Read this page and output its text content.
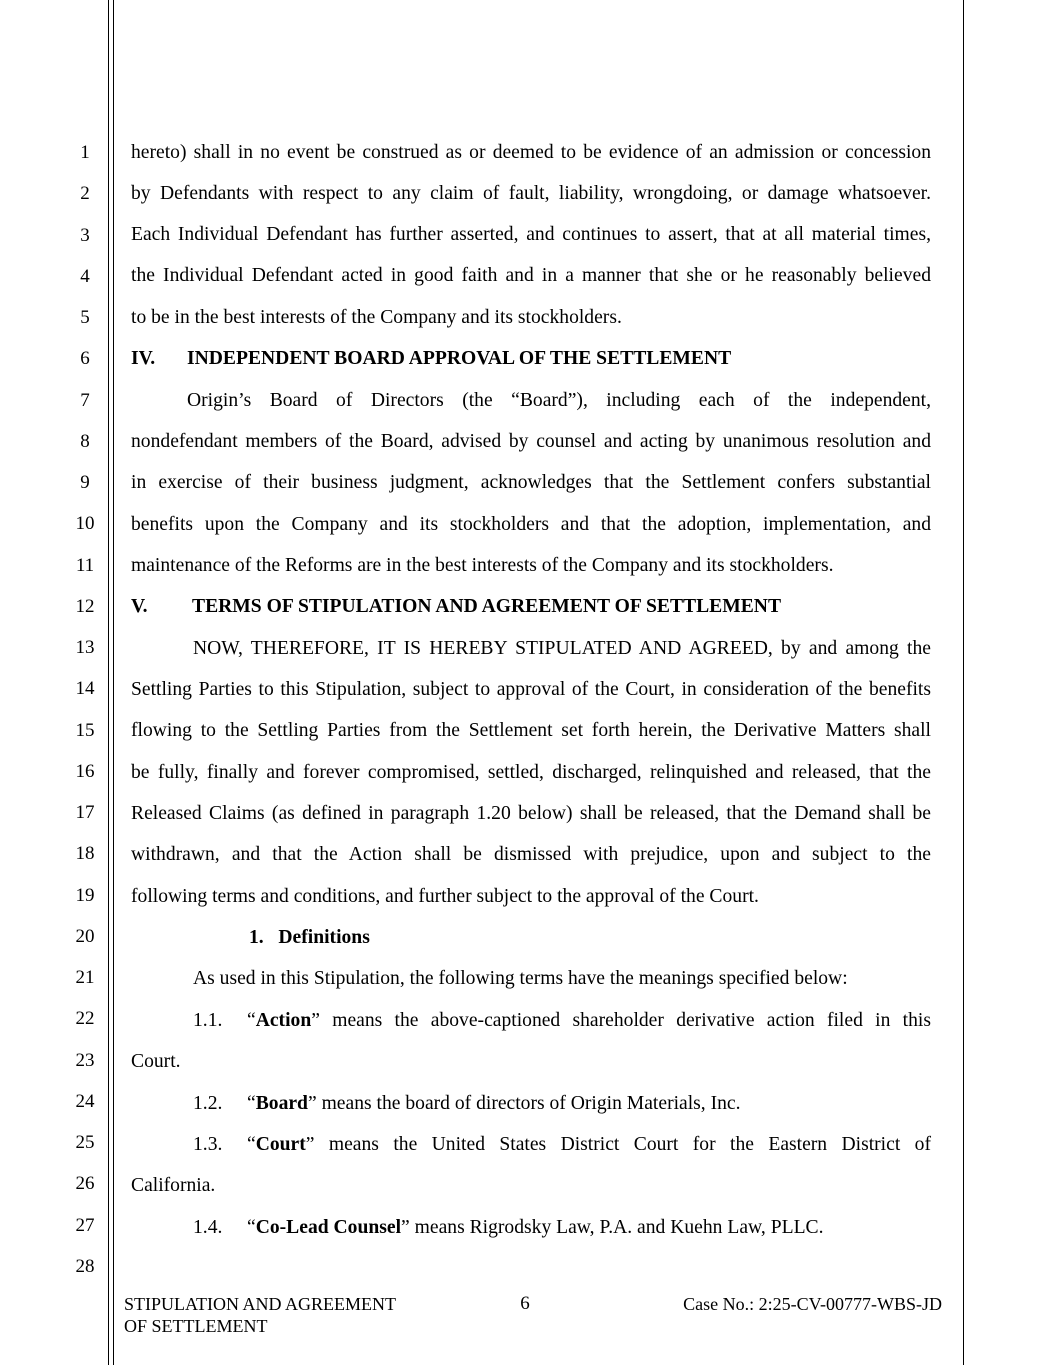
1
2
3
4
5
6
7
8
9
10
11
12
13
14
15
16
17
18
19
20
21
22
23
24
25
26
27
28
hereto) shall in no event be construed as or deemed to be evidence of an admission or concession
by Defendants with respect to any claim of fault, liability, wrongdoing, or damage whatsoever.
Each Individual Defendant has further asserted, and continues to assert, that at all material times,
the Individual Defendant acted in good faith and in a manner that she or he reasonably believed
to be in the best interests of the Company and its stockholders.
IV. INDEPENDENT BOARD APPROVAL OF THE SETTLEMENT
Origin’s Board of Directors (the “Board”), including each of the independent,
nondefendant members of the Board, advised by counsel and acting by unanimous resolution and
in exercise of their business judgment, acknowledges that the Settlement confers substantial
benefits upon the Company and its stockholders and that the adoption, implementation, and
maintenance of the Reforms are in the best interests of the Company and its stockholders.
V. TERMS OF STIPULATION AND AGREEMENT OF SETTLEMENT
NOW, THEREFORE, IT IS HEREBY STIPULATED AND AGREED, by and among the
Settling Parties to this Stipulation, subject to approval of the Court, in consideration of the benefits
flowing to the Settling Parties from the Settlement set forth herein, the Derivative Matters shall
be fully, finally and forever compromised, settled, discharged, relinquished and released, that the
Released Claims (as defined in paragraph 1.20 below) shall be released, that the Demand shall be
withdrawn, and that the Action shall be dismissed with prejudice, upon and subject to the
following terms and conditions, and further subject to the approval of the Court.
1.   Definitions
As used in this Stipulation, the following terms have the meanings specified below:
1.1.	“Action” means the above-captioned shareholder derivative action filed in this
Court.
1.2.	“Board” means the board of directors of Origin Materials, Inc.
1.3.	“Court” means the United States District Court for the Eastern District of
California.
1.4.	“Co-Lead Counsel” means Rigrodsky Law, P.A. and Kuehn Law, PLLC.
STIPULATION AND AGREEMENT
OF SETTLEMENT
6	Case No.: 2:25-CV-00777-WBS-JD
